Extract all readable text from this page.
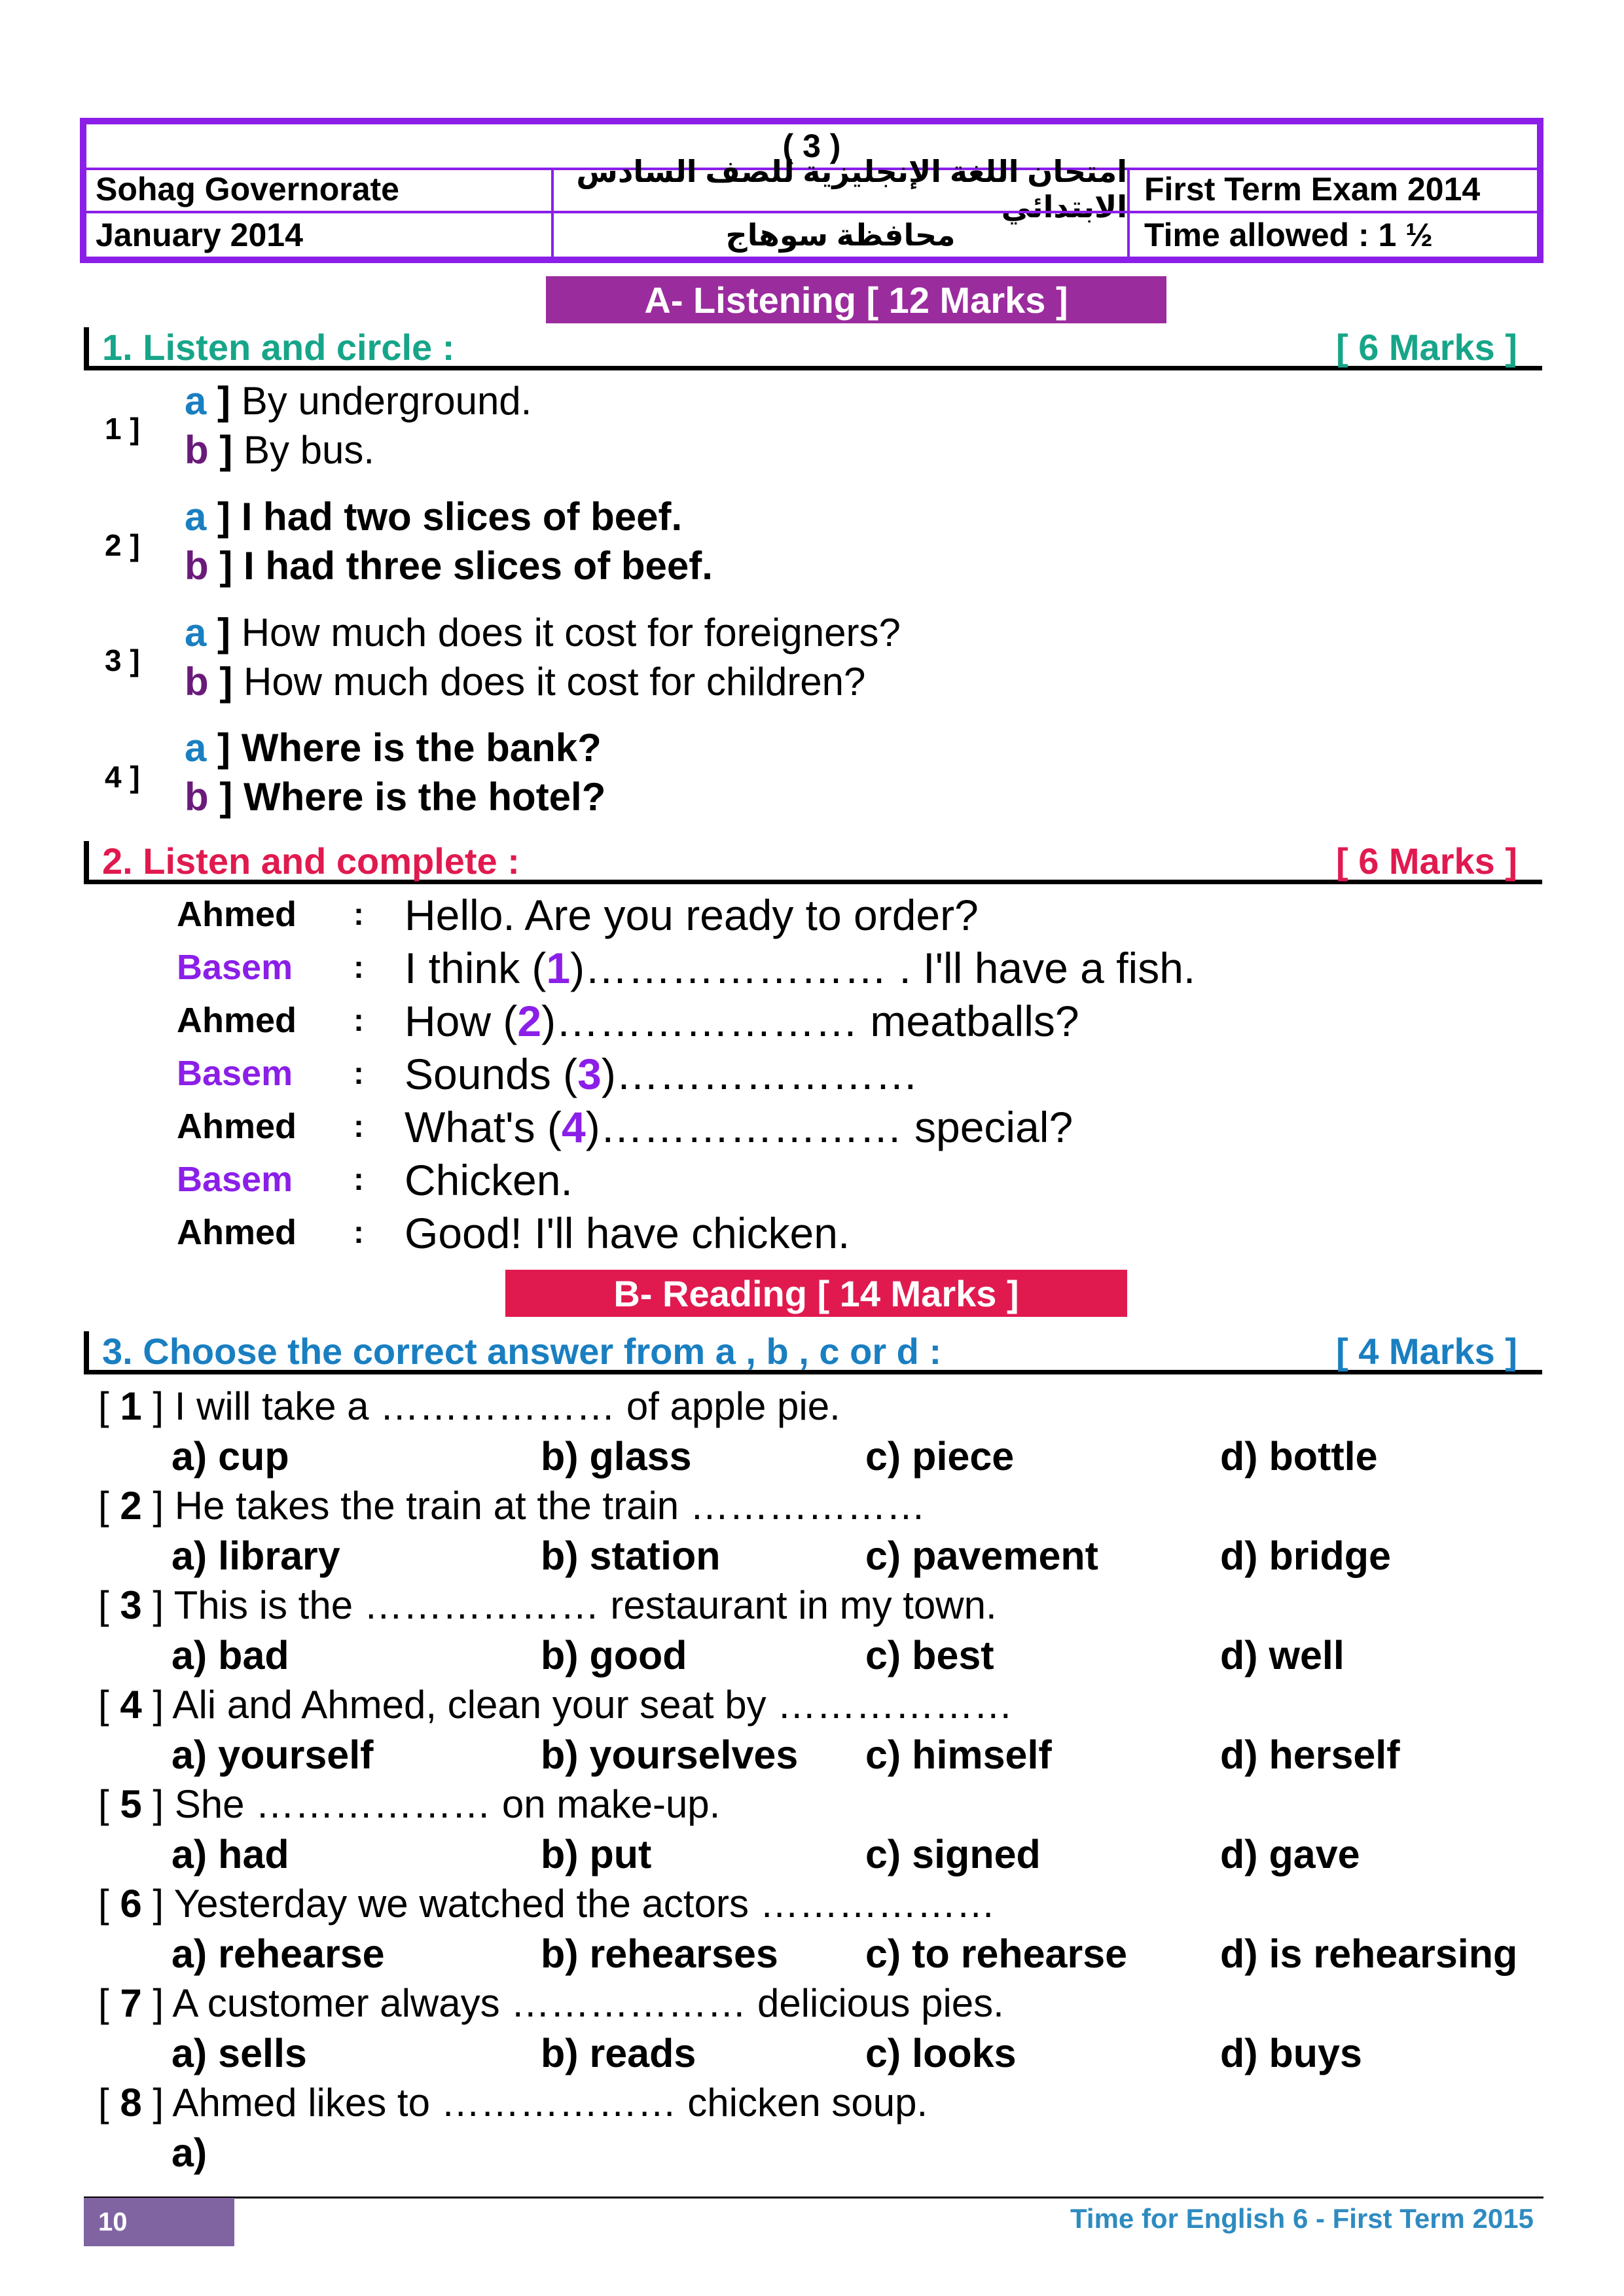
( 3 )
Sohag Governorate	امتحان اللغة الإنجليزية للصف السادس الابتدائي First Term Exam 2014
January 2014	محافظة سوهاج	Time allowed : 1 ½
A- Listening [ 12 Marks ]
1. Listen and circle :	[ 6 Marks ]
1 ]
a ] By underground.
b ] By bus.
2 ]
a ] I had two slices of beef.
b ] I had three slices of beef.
3 ]
a ] How much does it cost for foreigners?
b ] How much does it cost for children?
4 ]
a ] Where is the bank?
b ] Where is the hotel?
2. Listen and complete :	[ 6 Marks ]
Ahmed : Hello. Are you ready to order?
Basem : I think (1)………………… . I'll have a fish.
Ahmed : How (2)………………… meatballs?
Basem : Sounds (3)…………………
Ahmed : What's (4)………………… special?
Basem : Chicken.
Ahmed : Good! I'll have chicken.
B- Reading [ 14 Marks ]
3. Choose the correct answer from a , b , c or d :	[ 4 Marks ]
[ 1 ] I will take a ……………… of apple pie.
a) cup	b) glass	c) piece	d) bottle
[ 2 ] He takes the train at the train ………………
a) library	b) station	c) pavement	d) bridge
[ 3 ] This is the ……………… restaurant in my town.
a) bad	b) good	c) best	d) well
[ 4 ] Ali and Ahmed, clean your seat by ………………
a) yourself	b) yourselves c) himself	d) herself
[ 5 ] She ……………… on make-up.
a) had	b) put	c) signed	d) gave
[ 6 ] Yesterday we watched the actors ………………
a) rehearse	b) rehearses c) to rehearse d) is rehearsing
[ 7 ] A customer always ……………… delicious pies.
a) sells	b) reads	c) looks	d) buys
[ 8 ] Ahmed likes to ……………… chicken soup.
a)
10	Time for English 6 - First Term 2015
